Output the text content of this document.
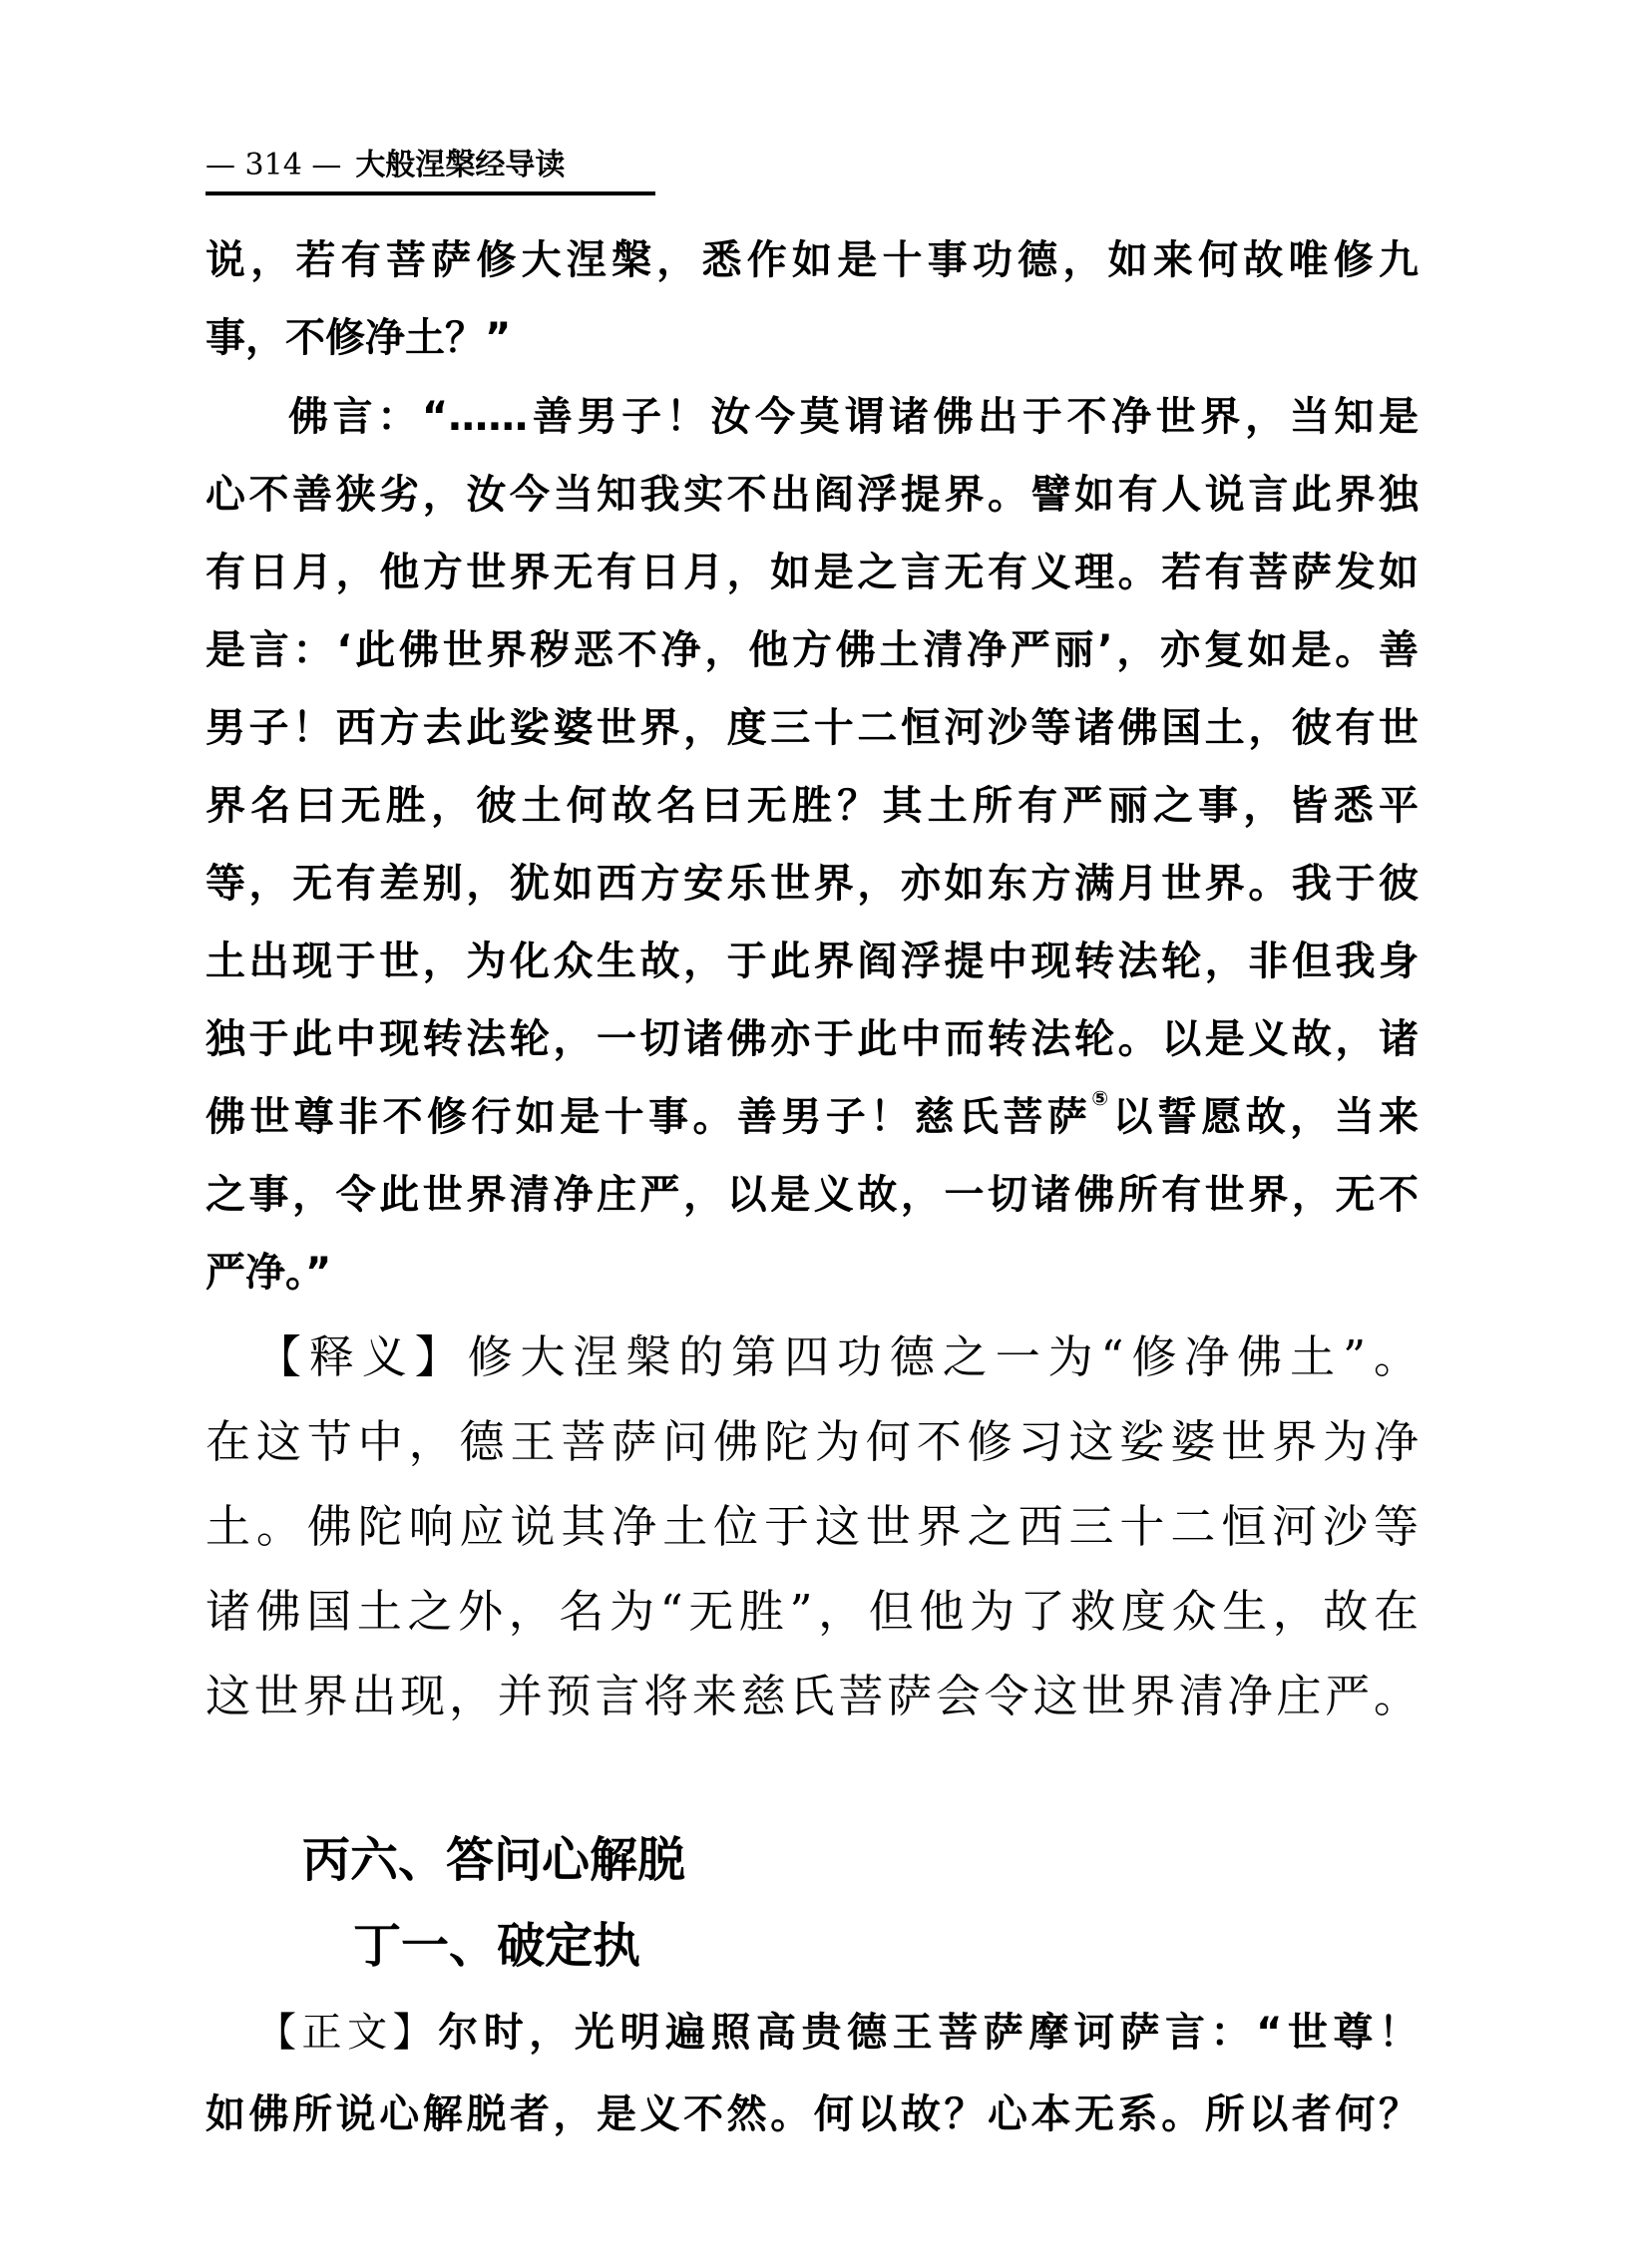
— 314 — 大般涅槃经导读
说，若有菩萨修大涅槃，悉作如是十事功德，如来何故唯修九
事，不修净土？”
佛言：“……善男子！汝今莫谓诸佛出于不净世界，当知是
心不善狭劣，汝今当知我实不出阎浮提界。譬如有人说言此界独
有日月，他方世界无有日月，如是之言无有义理。若有菩萨发如
是言：‘此佛世界秽恶不净，他方佛土清净严丽’，亦复如是。善
男子！西方去此娑婆世界，度三十二恒河沙等诸佛国土，彼有世
界名曰无胜，彼土何故名曰无胜？其土所有严丽之事，皆悉平
等，无有差别，犹如西方安乐世界，亦如东方满月世界。我于彼
土出现于世，为化众生故，于此界阎浮提中现转法轮，非但我身
独于此中现转法轮，一切诸佛亦于此中而转法轮。以是义故，诸
佛世尊非不修行如是十事。善男子！慈氏菩萨⑤以誓愿故，当来
之事，令此世界清净庄严，以是义故，一切诸佛所有世界，无不
严净。”
【释义】修大涅槃的第四功德之一为“修净佛土”。
在这节中，德王菩萨问佛陀为何不修习这娑婆世界为净
土。佛陀响应说其净土位于这世界之西三十二恒河沙等
诸佛国土之外，名为“无胜”，但他为了救度众生，故在
这世界出现，并预言将来慈氏菩萨会令这世界清净庄严。
丙六、答问心解脱
丁一、破定执
【正文】尔时，光明遍照高贵德王菩萨摩诃萨言：“世尊！
如佛所说心解脱者，是义不然。何以故？心本无系。所以者何？
